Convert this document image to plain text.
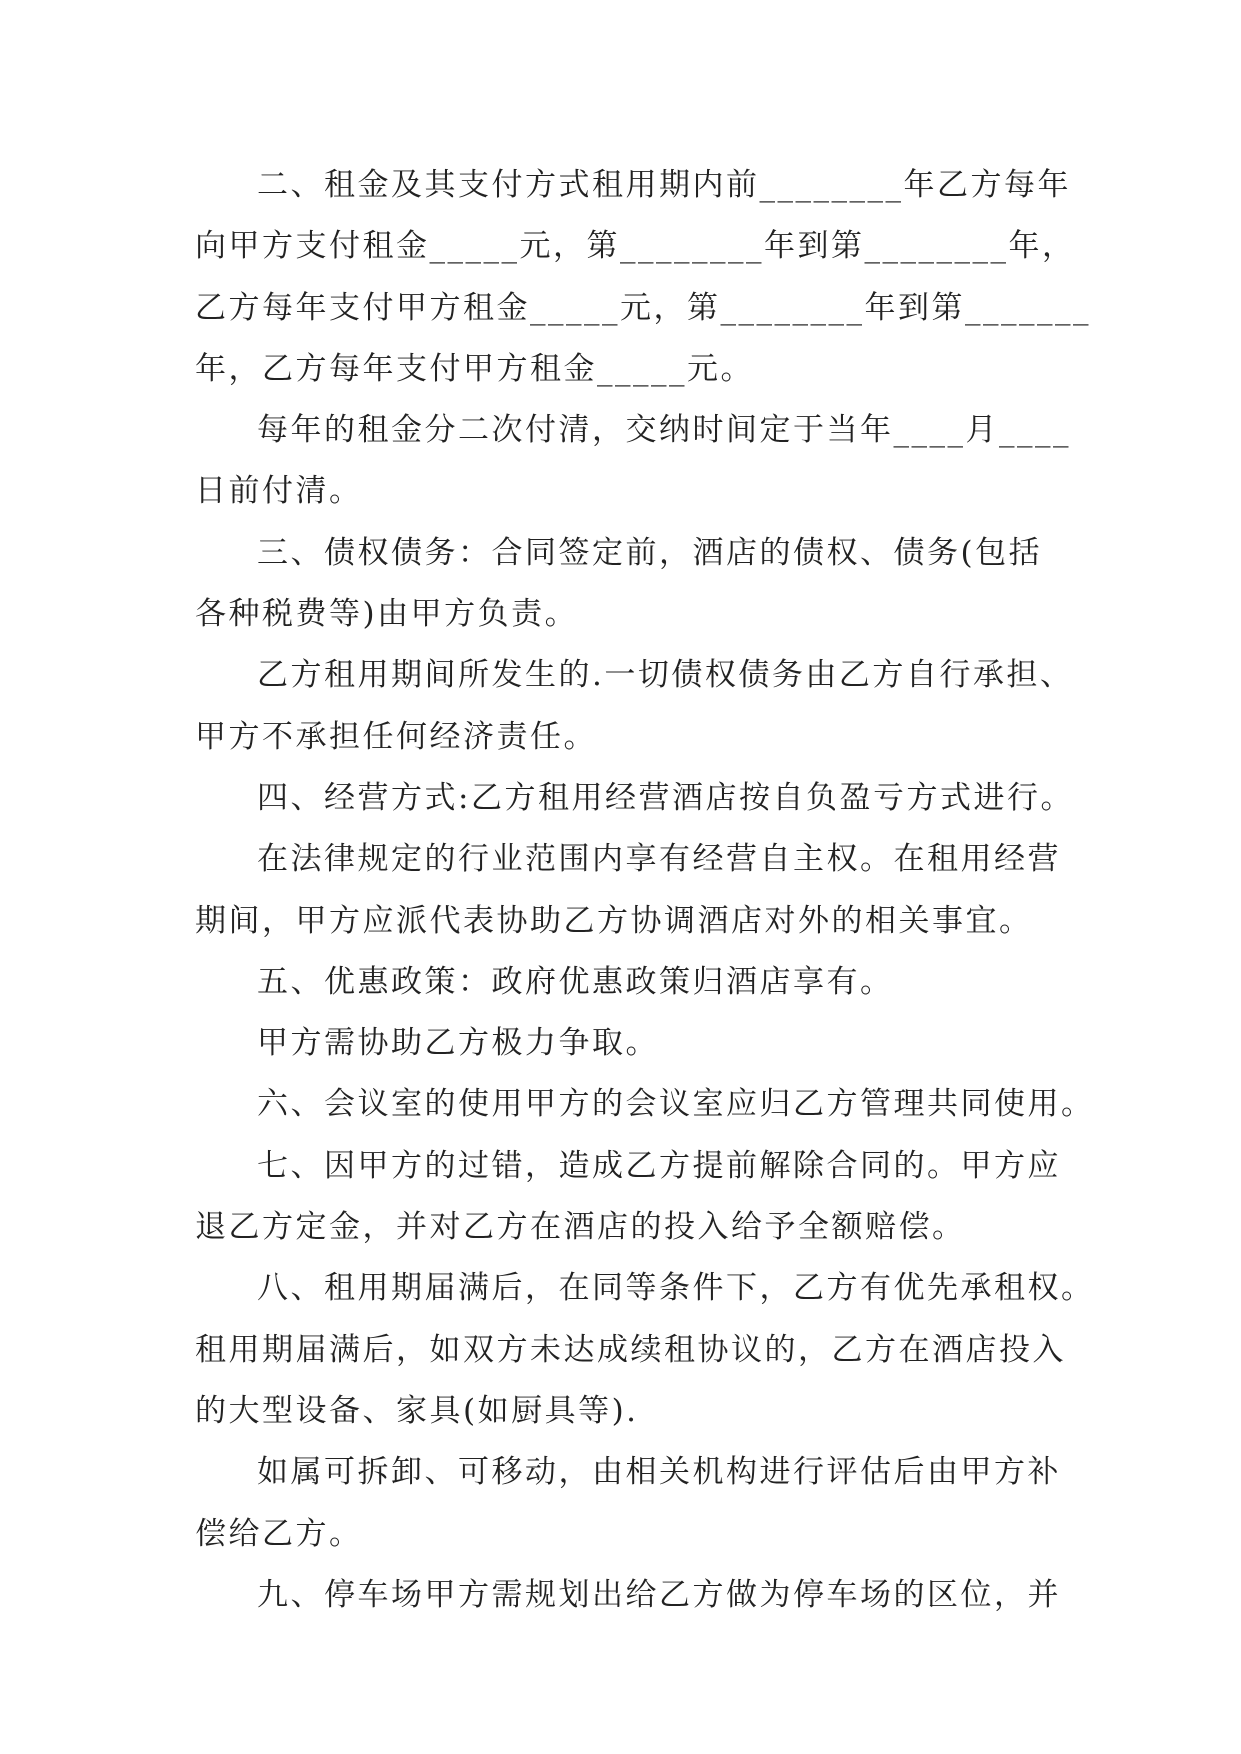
二、租金及其支付方式租用期内前________年乙方每年
向甲方支付租金_____元，第________年到第________年，
乙方每年支付甲方租金_____元，第________年到第_______
年，乙方每年支付甲方租金_____元。
每年的租金分二次付清，交纳时间定于当年____月____
日前付清。
三、债权债务：合同签定前，酒店的债权、债务(包括
各种税费等)由甲方负责。
乙方租用期间所发生的.一切债权债务由乙方自行承担、
甲方不承担任何经济责任。
四、经营方式:乙方租用经营酒店按自负盈亏方式进行。
在法律规定的行业范围内享有经营自主权。在租用经营
期间，甲方应派代表协助乙方协调酒店对外的相关事宜。
五、优惠政策：政府优惠政策归酒店享有。
甲方需协助乙方极力争取。
六、会议室的使用甲方的会议室应归乙方管理共同使用。
七、因甲方的过错，造成乙方提前解除合同的。甲方应
退乙方定金，并对乙方在酒店的投入给予全额赔偿。
八、租用期届满后，在同等条件下，乙方有优先承租权。
租用期届满后，如双方未达成续租协议的，乙方在酒店投入
的大型设备、家具(如厨具等).
如属可拆卸、可移动，由相关机构进行评估后由甲方补
偿给乙方。
九、停车场甲方需规划出给乙方做为停车场的区位，并
